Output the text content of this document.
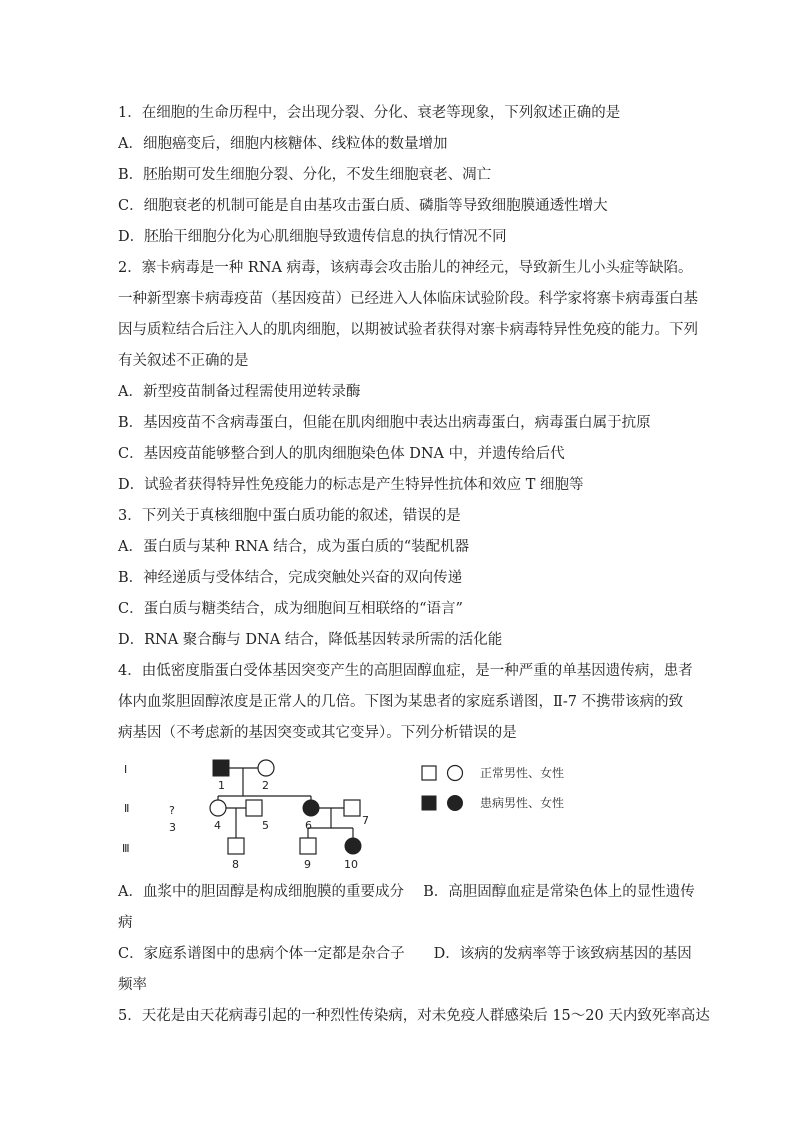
1．在细胞的生命历程中，会出现分裂、分化、衰老等现象，下列叙述正确的是
A．细胞癌变后，细胞内核糖体、线粒体的数量增加
B．胚胎期可发生细胞分裂、分化，不发生细胞衰老、凋亡
C．细胞衰老的机制可能是自由基攻击蛋白质、磷脂等导致细胞膜通透性增大
D．胚胎干细胞分化为心肌细胞导致遗传信息的执行情况不同
2．寨卡病毒是一种 RNA 病毒，该病毒会攻击胎儿的神经元，导致新生儿小头症等缺陷。
一种新型寨卡病毒疫苗（基因疫苗）已经进入人体临床试验阶段。科学家将寨卡病毒蛋白基
因与质粒结合后注入人的肌肉细胞，以期被试验者获得对寨卡病毒特异性免疫的能力。下列
有关叙述不正确的是
A．新型疫苗制备过程需使用逆转录酶
B．基因疫苗不含病毒蛋白，但能在肌肉细胞中表达出病毒蛋白，病毒蛋白属于抗原
C．基因疫苗能够整合到人的肌肉细胞染色体 DNA 中，并遗传给后代
D．试验者获得特异性免疫能力的标志是产生特异性抗体和效应 T 细胞等
3．下列关于真核细胞中蛋白质功能的叙述，错误的是
A．蛋白质与某种 RNA 结合，成为蛋白质的“装配机器
B．神经递质与受体结合，完成突触处兴奋的双向传递
C．蛋白质与糖类结合，成为细胞间互相联络的“语言”
D．RNA 聚合酶与 DNA 结合，降低基因转录所需的活化能
4．由低密度脂蛋白受体基因突变产生的高胆固醇血症，是一种严重的单基因遗传病，患者
体内血浆胆固醇浓度是正常人的几倍。下图为某患者的家庭系谱图，Ⅱ-7 不携带该病的致
病基因（不考虑新的基因突变或其它变异）。下列分析错误的是
Ⅰ
Ⅱ
Ⅲ
1	2
?
3	4	5	6	7
8	9	10
正常男性、女性
患病男性、女性
A．血浆中的胆固醇是构成细胞膜的重要成分　 B．高胆固醇血症是常染色体上的显性遗传
病
C．家庭系谱图中的患病个体一定都是杂合子　　D．该病的发病率等于该致病基因的基因
频率
5．天花是由天花病毒引起的一种烈性传染病，对未免疫人群感染后 15～20 天内致死率高达
